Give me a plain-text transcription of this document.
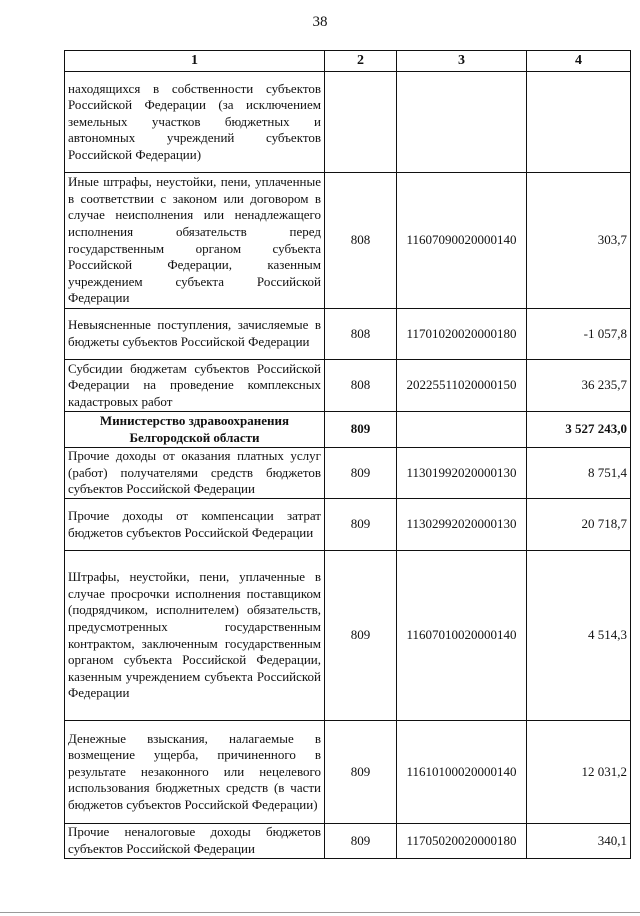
38
1	2	3	4
находящихся в собственности субъектов Российской Федерации (за исключением земельных участков бюджетных и автономных учреждений субъектов Российской Федерации)			
Иные штрафы, неустойки, пени, уплаченные в соответствии с законом или договором в случае неисполнения или ненадлежащего исполнения обязательств перед государственным органом субъекта Российской Федерации, казенным учреждением субъекта Российской Федерации	808	11607090020000140	303,7
Невыясненные поступления, зачисляемые в бюджеты субъектов Российской Федерации	808	11701020020000180	-1 057,8
Субсидии бюджетам субъектов Российской Федерации на проведение комплексных кадастровых работ	808	20225511020000150	36 235,7
Министерство здравоохранения Белгородской области	809		3 527 243,0
Прочие доходы от оказания платных услуг (работ) получателями средств бюджетов субъектов Российской Федерации	809	11301992020000130	8 751,4
Прочие доходы от компенсации затрат бюджетов субъектов Российской Федерации	809	11302992020000130	20 718,7
Штрафы, неустойки, пени, уплаченные в случае просрочки исполнения поставщиком (подрядчиком, исполнителем) обязательств, предусмотренных государственным контрактом, заключенным государственным органом субъекта Российской Федерации, казенным учреждением субъекта Российской Федерации	809	11607010020000140	4 514,3
Денежные взыскания, налагаемые в возмещение ущерба, причиненного в результате незаконного или нецелевого использования бюджетных средств (в части бюджетов субъектов Российской Федерации)	809	11610100020000140	12 031,2
Прочие неналоговые доходы бюджетов субъектов Российской Федерации	809	11705020020000180	340,1
